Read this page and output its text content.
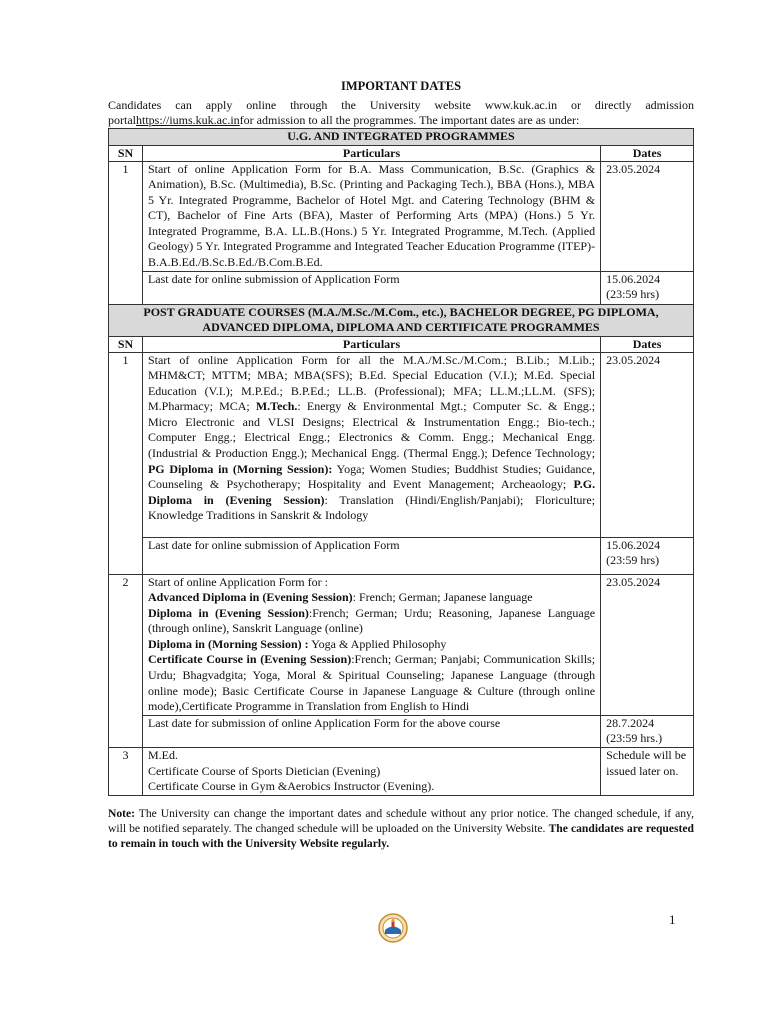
IMPORTANT DATES
Candidates can apply online through the University website www.kuk.ac.in or directly admission
portalhttps://iums.kuk.ac.infor admission to all the programmes. The important dates are as under:
U.G. AND INTEGRATED PROGRAMMES		
SN	Particulars	Dates
1	Start of online Application Form for B.A. Mass Communication, B.Sc. (Graphics & Animation), B.Sc. (Multimedia), B.Sc. (Printing and Packaging Tech.), BBA (Hons.), MBA 5 Yr. Integrated Programme, Bachelor of Hotel Mgt. and Catering Technology (BHM & CT), Bachelor of Fine Arts (BFA), Master of Performing Arts (MPA) (Hons.) 5 Yr. Integrated Programme, B.A. LL.B.(Hons.) 5 Yr. Integrated Programme, M.Tech. (Applied Geology) 5 Yr. Integrated Programme and Integrated Teacher Education Programme (ITEP)-B.A.B.Ed./B.Sc.B.Ed./B.Com.B.Ed.	23.05.2024
	Last date for online submission of Application Form	15.06.2024
(23:59 hrs)
POST GRADUATE COURSES (M.A./M.Sc./M.Com., etc.), BACHELOR DEGREE, PG DIPLOMA,
ADVANCED DIPLOMA, DIPLOMA AND CERTIFICATE PROGRAMMES		
SN	Particulars	Dates
1	Start of online Application Form for all the M.A./M.Sc./M.Com.; B.Lib.; M.Lib.; MHM&CT; MTTM; MBA; MBA(SFS); B.Ed. Special Education (V.I.); M.Ed. Special Education (V.I.); M.P.Ed.; B.P.Ed.; LL.B. (Professional); MFA; LL.M.;LL.M. (SFS); M.Pharmacy; MCA; M.Tech.: Energy & Environmental Mgt.; Computer Sc. & Engg.; Micro Electronic and VLSI Designs; Electrical & Instrumentation Engg.; Bio-tech.; Computer Engg.; Electrical Engg.; Electronics & Comm. Engg.; Mechanical Engg. (Industrial & Production Engg.); Mechanical Engg. (Thermal Engg.); Defence Technology; PG Diploma in (Morning Session): Yoga; Women Studies; Buddhist Studies; Guidance, Counseling & Psychotherapy; Hospitality and Event Management; Archeaology; P.G. Diploma in (Evening Session): Translation (Hindi/English/Panjabi); Floriculture; Knowledge Traditions in Sanskrit & Indology	23.05.2024
	Last date for online submission of Application Form	15.06.2024
(23:59 hrs)
2	Start of online Application Form for :
Advanced Diploma in (Evening Session): French; German; Japanese language
Diploma in (Evening Session):French; German; Urdu; Reasoning, Japanese Language (through online), Sanskrit Language (online)
Diploma in (Morning Session) : Yoga & Applied Philosophy
Certificate Course in (Evening Session):French; German; Panjabi; Communication Skills; Urdu; Bhagvadgita; Yoga, Moral & Spiritual Counseling; Japanese Language (through online mode); Basic Certificate Course in Japanese Language & Culture (through online mode),Certificate Programme in Translation from English to Hindi	23.05.2024
	Last date for submission of online Application Form for the above course	28.7.2024
(23:59 hrs.)
3	M.Ed.
Certificate Course of Sports Dietician (Evening)
Certificate Course in Gym &Aerobics Instructor (Evening).	Schedule will be issued later on.
Note: The University can change the important dates and schedule without any prior notice. The changed schedule, if any, will be notified separately. The changed schedule will be uploaded on the University Website. The candidates are requested to remain in touch with the University Website regularly.
1
